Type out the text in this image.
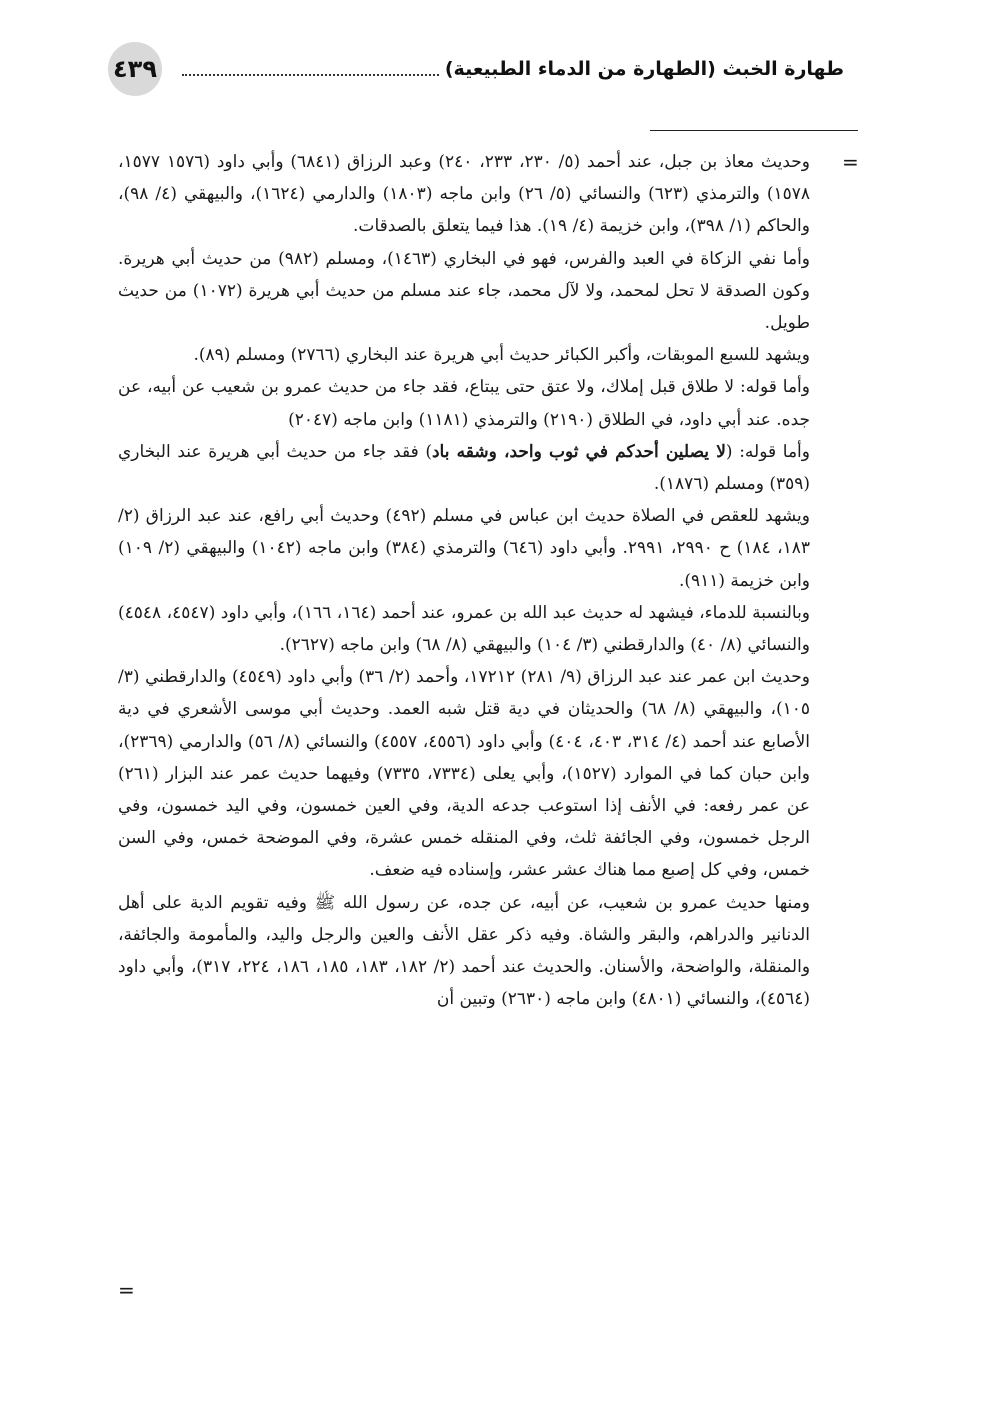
٤٣٩	طهارة الخبث (الطهارة من الدماء الطبيعية)
=

وحديث معاذ بن جبل، عند أحمد (٥/ ٢٣٠، ٢٣٣، ٢٤٠) وعبد الرزاق (٦٨٤١) وأبي داود (١٥٧٦ ١٥٧٧، ١٥٧٨) والترمذي (٦٢٣) والنسائي (٥/ ٢٦) وابن ماجه (١٨٠٣) والدارمي (١٦٢٤)، والبيهقي (٤/ ٩٨)، والحاكم (١/ ٣٩٨)، وابن خزيمة (٤/ ١٩). هذا فيما يتعلق بالصدقات.

وأما نفي الزكاة في العبد والفرس، فهو في البخاري (١٤٦٣)، ومسلم (٩٨٢) من حديث أبي هريرة. وكون الصدقة لا تحل لمحمد، ولا لآل محمد، جاء عند مسلم من حديث أبي هريرة (١٠٧٢) من حديث طويل.

ويشهد للسبع الموبقات، وأكبر الكبائر حديث أبي هريرة عند البخاري (٢٧٦٦) ومسلم (٨٩).

وأما قوله: لا طلاق قبل إملاك، ولا عتق حتى يبتاع، فقد جاء من حديث عمرو بن شعيب عن أبيه، عن جده. عند أبي داود، في الطلاق (٢١٩٠) والترمذي (١١٨١) وابن ماجه (٢٠٤٧)

وأما قوله: (لا يصلين أحدكم في ثوب واحد، وشقه باد) فقد جاء من حديث أبي هريرة عند البخاري (٣٥٩) ومسلم (١٨٧٦).

ويشهد للعقص في الصلاة حديث ابن عباس في مسلم (٤٩٢) وحديث أبي رافع، عند عبد الرزاق (٢/ ١٨٣، ١٨٤) ح ٢٩٩٠، ٢٩٩١. وأبي داود (٦٤٦) والترمذي (٣٨٤) وابن ماجه (١٠٤٢) والبيهقي (٢/ ١٠٩) وابن خزيمة (٩١١).

وبالنسبة للدماء، فيشهد له حديث عبد الله بن عمرو، عند أحمد (١٦٤، ١٦٦)، وأبي داود (٤٥٤٧، ٤٥٤٨) والنسائي (٨/ ٤٠) والدارقطني (٣/ ١٠٤) والبيهقي (٨/ ٦٨) وابن ماجه (٢٦٢٧).

وحديث ابن عمر عند عبد الرزاق (٩/ ٢٨١) ١٧٢١٢، وأحمد (٢/ ٣٦) وأبي داود (٤٥٤٩) والدارقطني (٣/ ١٠٥)، والبيهقي (٨/ ٦٨) والحديثان في دية قتل شبه العمد. وحديث أبي موسى الأشعري في دية الأصابع عند أحمد (٤/ ٣١٤، ٤٠٣، ٤٠٤) وأبي داود (٤٥٥٦، ٤٥٥٧) والنسائي (٨/ ٥٦) والدارمي (٢٣٦٩)، وابن حبان كما في الموارد (١٥٢٧)، وأبي يعلى (٧٣٣٤، ٧٣٣٥) وفيهما حديث عمر عند البزار (٢٦١) عن عمر رفعه: في الأنف إذا استوعب جدعه الدية، وفي العين خمسون، وفي اليد خمسون، وفي الرجل خمسون، وفي الجائفة ثلث، وفي المنقله خمس عشرة، وفي الموضحة خمس، وفي السن خمس، وفي كل إصبع مما هناك عشر عشر، وإسناده فيه ضعف.

ومنها حديث عمرو بن شعيب، عن أبيه، عن جده، عن رسول الله ﷺ وفيه تقويم الدية على أهل الدنانير والدراهم، والبقر والشاة. وفيه ذكر عقل الأنف والعين والرجل واليد، والمأمومة والجائفة، والمنقلة، والواضحة، والأسنان. والحديث عند أحمد (٢/ ١٨٢، ١٨٣، ١٨٥، ١٨٦، ٢٢٤، ٣١٧)، وأبي داود (٤٥٦٤)، والنسائي (٤٨٠١) وابن ماجه (٢٦٣٠) وتبين أن

=
